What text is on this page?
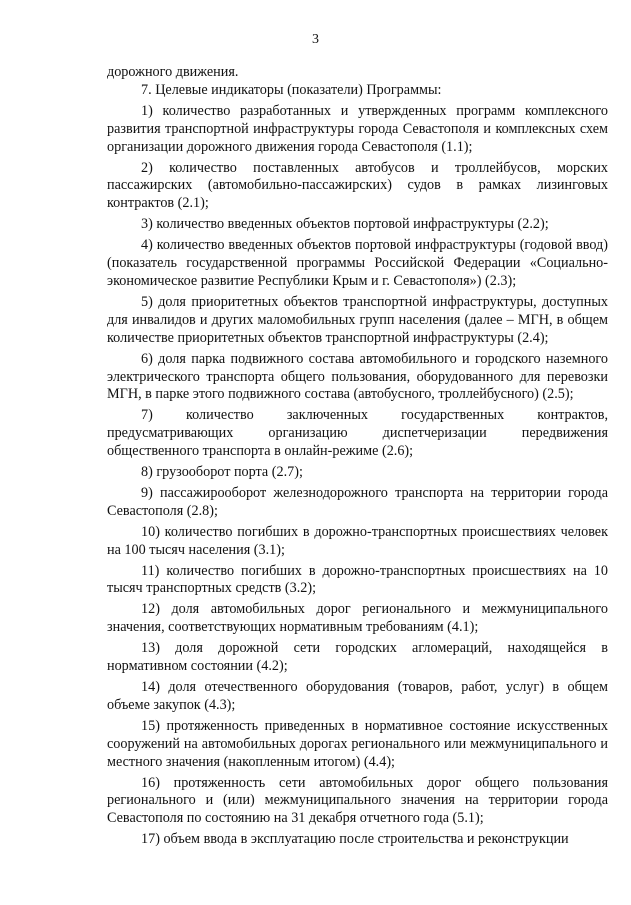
3

дорожного движения.

7. Целевые индикаторы (показатели) Программы:

1) количество разработанных и утвержденных программ комплексного развития транспортной инфраструктуры города Севастополя и комплексных схем организации дорожного движения города Севастополя (1.1);

2) количество поставленных автобусов и троллейбусов, морских пассажирских (автомобильно-пассажирских) судов в рамках лизинговых контрактов (2.1);

3) количество введенных объектов портовой инфраструктуры (2.2);

4) количество введенных объектов портовой инфраструктуры (годовой ввод) (показатель государственной программы Российской Федерации «Социально-экономическое развитие Республики Крым и г. Севастополя») (2.3);

5) доля приоритетных объектов транспортной инфраструктуры, доступных для инвалидов и других маломобильных групп населения (далее – МГН, в общем количестве приоритетных объектов транспортной инфраструктуры (2.4);

6) доля парка подвижного состава автомобильного и городского наземного электрического транспорта общего пользования, оборудованного для перевозки МГН, в парке этого подвижного состава (автобусного, троллейбусного) (2.5);

7) количество заключенных государственных контрактов, предусматривающих организацию диспетчеризации передвижения общественного транспорта в онлайн-режиме (2.6);

8) грузооборот порта (2.7);

9) пассажирооборот железнодорожного транспорта на территории города Севастополя (2.8);

10) количество погибших в дорожно-транспортных происшествиях человек на 100 тысяч населения (3.1);

11) количество погибших в дорожно-транспортных происшествиях на 10 тысяч транспортных средств (3.2);

12) доля автомобильных дорог регионального и межмуниципального значения, соответствующих нормативным требованиям (4.1);

13) доля дорожной сети городских агломераций, находящейся в нормативном состоянии (4.2);

14) доля отечественного оборудования (товаров, работ, услуг) в общем объеме закупок (4.3);

15) протяженность приведенных в нормативное состояние искусственных сооружений на автомобильных дорогах регионального или межмуниципального и местного значения (накопленным итогом) (4.4);

16) протяженность сети автомобильных дорог общего пользования регионального и (или) межмуниципального значения на территории города Севастополя по состоянию на 31 декабря отчетного года (5.1);

17) объем ввода в эксплуатацию после строительства и реконструкции
